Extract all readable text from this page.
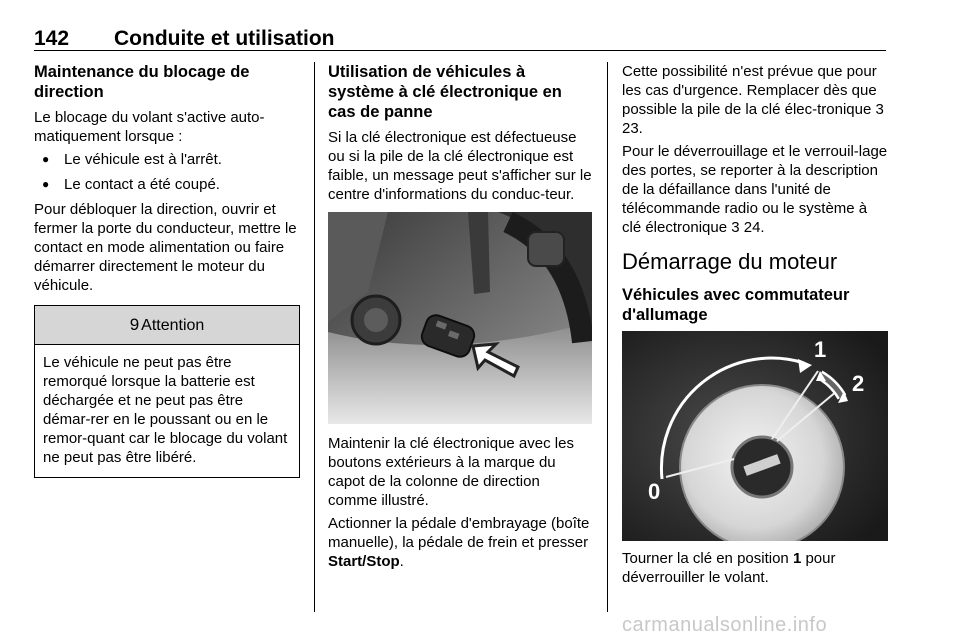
142 Conduite et utilisation
Maintenance du blocage de direction

Le blocage du volant s'active auto-matiquement lorsque :

● Le véhicule est à l'arrêt.
● Le contact a été coupé.

Pour débloquer la direction, ouvrir et fermer la porte du conducteur, mettre le contact en mode alimentation ou faire démarrer directement le moteur du véhicule.

9 Attention
Le véhicule ne peut pas être remorqué lorsque la batterie est déchargée et ne peut pas être démar-rer en le poussant ou en le remor-quant car le blocage du volant ne peut pas être libéré.
Utilisation de véhicules à système à clé électronique en cas de panne

Si la clé électronique est défectueuse ou si la pile de la clé électronique est faible, un message peut s'afficher sur le centre d'informations du conduc-teur.

Maintenir la clé électronique avec les boutons extérieurs à la marque du capot de la colonne de direction comme illustré.

Actionner la pédale d'embrayage (boîte manuelle), la pédale de frein et presser Start/Stop.

Cette possibilité n'est prévue que pour les cas d'urgence. Remplacer dès que possible la pile de la clé élec-tronique 3 23.

Pour le déverrouillage et le verrouil-lage des portes, se reporter à la description de la défaillance dans l'unité de télécommande radio ou le système à clé électronique 3 24.

Démarrage du moteur
Véhicules avec commutateur d'allumage
0
1
2

Tourner la clé en position 1 pour déverrouiller le volant.

carmanualsonline.info
